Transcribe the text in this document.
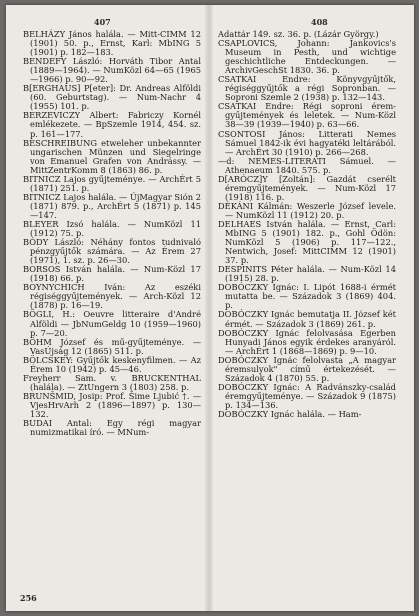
407	408

BELHÁZY János halála. — Mitt-CIMM 12 (1901) 50. p., Ernst, Karl: MbING 5 (1901) p. 182—183.

BENDEFY László: Horváth Tibor Antal (1889—1964). — NumKözl 64—65 (1965—1966) p. 90—92.

B[ERGHAUS] P[eter]: Dr. Andreas Alföldi (60. Geburtstag). — Num-Nachr 4 (1955) 101. p.

BERZEVICZY Albert: Fabriczy Kornél emlékezete. — BpSzemle 1914, 454. sz. p. 161—177.

BESCHREIBUNG etweleher unbekannter ungarischen Münzen und Siegelringe von Emanuel Grafen von Andrássy. — MittZentrKomm 8 (1863) 86. p.

BITNICZ Lajos gyűjteménye. — ArchÉrt 5 (1871) 251. p.

BITNICZ Lajos halála. — ÚjMagyar Sión 2 (1871) 879. p., ArchÉrt 5 (1871) p. 145—147.

BLEYER Izsó halála. — NumKözl 11 (1912) 75. p.

BÓDY László: Néhány fontos tudnivaló pénzgyűjtők számára. — Az Érem 27 (1971), 1. sz. p. 26—30.

BORSOS István halála. — Num-Közl 17 (1918) 66. p.

BOYNYCHICH Iván: Az eszéki régiséggyűjtemények. — Arch-Közl 12 (1878) p. 16—19.

BÖGLI, H.: Oeuvre litteraire d'André Alföldi — JbNumGeldg 10 (1959—1960) p. 7—20.

BÖHM József és mű-gyűjteménye. — VasÚjság 12 (1865) 511. p.

BÖLCSKEY: Gyűjtők keskenyfilmen. — Az Érem 10 (1942) p. 45—46.

Freyherr Sam. v. BRUCKENTHAL (halála). — ZtUngern 3 (1803) 258. p.

BRUNŠMID, Josip: Prof. Šime Ljubić †. — VjesHrvArh 2 (1896—1897) p. 130—132.

BUDAI Antal: Egy régi magyar numizmatikai író. — MNum-

Adattár 149. sz. 36. p. (Lázár György.)

CSAPLOVICS, Johann: Jankovics's Museum in Pesth, und wichtige geschichtliche Entdeckungen. — ArchivGeschSt 1830. 36. p.

CSATKAI Endre: Könyvgyűjtők, régiséggyűjtők a régi Sopronban. — Soproni Szemle 2 (1938) p. 132—143.

CSATKAI Endre: Régi soproni érem-gyűjtemények és leletek. — Num-Közl 38—39 (1939—1940) p. 63—66.

CSONTOSI János: Litterati Nemes Sámuel 1842-ik évi hagyatéki leltárából. — ArchÉrt 30 (1910) p. 266—268.

—d: NEMES-LITERATI Sámuel. — Athenaeum 1840. 575. p.

D[ARÓCZ]Y [Zoltán]: Gazdát cserélt éremgyűjtemények. — Num-Közl 17 (1918) 116. p.

DÉKÁNI Kálmán: Weszerle József levele. — NumKözl 11 (1912) 20. p.

DELHAES István halála. — Ernst, Carl: MbING 5 (1901) 182. p., Gohl Ödön: NumKözl 5 (1906) p. 117—122., Nentwich, Josef: MittCIMM 12 (1901) 37. p.

DESPINITS Péter halála. — Num-Közl 14 (1915) 28. p.

DOBÓCZKY Ignác: I. Lipót 1688-i érmét mutatta be. — Századok 3 (1869) 404. p.

DOBÓCZKY Ignác bemutatja II. József két érmét. — Századok 3 (1869) 261. p.

DOBÓCZKY Ignác felolvasása Egerben Hunyadi János egyik érdekes aranyáról. — ArchÉrt 1 (1868—1869) p. 9—10.

DOBÓCZKY Ignác felolvasta „A magyar éremsulyok" című értekezését. — Századok 4 (1870) 55. p.

DOBÓCZKY Ignác: A Radvánszky-család éremgyűjteménye. — Századok 9 (1875) p. 134—136.

DOBÓCZKY Ignác halála. — Ham-

256
